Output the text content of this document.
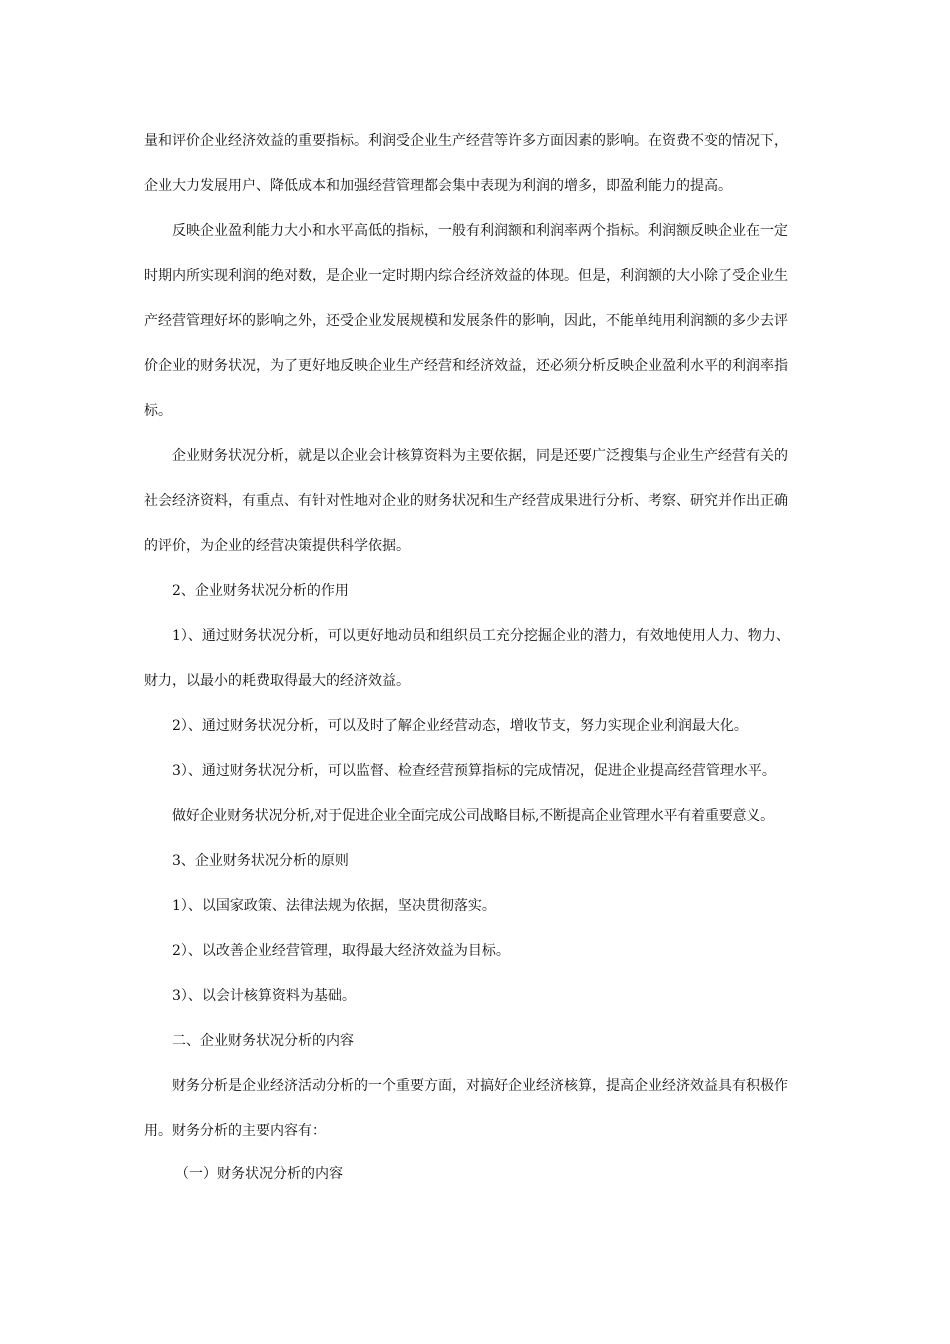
量和评价企业经济效益的重要指标。利润受企业生产经营等许多方面因素的影响。在资费不变的情况下，
企业大力发展用户、降低成本和加强经营管理都会集中表现为利润的增多，即盈利能力的提高。
反映企业盈利能力大小和水平高低的指标，一般有利润额和利润率两个指标。利润额反映企业在一定
时期内所实现利润的绝对数，是企业一定时期内综合经济效益的体现。但是，利润额的大小除了受企业生
产经营管理好坏的影响之外，还受企业发展规模和发展条件的影响，因此，不能单纯用利润额的多少去评
价企业的财务状况，为了更好地反映企业生产经营和经济效益，还必须分析反映企业盈利水平的利润率指
标。
企业财务状况分析，就是以企业会计核算资料为主要依据，同是还要广泛搜集与企业生产经营有关的
社会经济资料，有重点、有针对性地对企业的财务状况和生产经营成果进行分析、考察、研究并作出正确
的评价，为企业的经营决策提供科学依据。
2、企业财务状况分析的作用
1）、通过财务状况分析，可以更好地动员和组织员工充分挖掘企业的潜力，有效地使用人力、物力、
财力，以最小的耗费取得最大的经济效益。
2）、通过财务状况分析，可以及时了解企业经营动态，增收节支，努力实现企业利润最大化。
3）、通过财务状况分析，可以监督、检查经营预算指标的完成情况，促进企业提高经营管理水平。
做好企业财务状况分析,对于促进企业全面完成公司战略目标,不断提高企业管理水平有着重要意义。
3、企业财务状况分析的原则
1）、以国家政策、法律法规为依据，坚决贯彻落实。
2）、以改善企业经营管理，取得最大经济效益为目标。
3）、以会计核算资料为基础。
二、企业财务状况分析的内容
财务分析是企业经济活动分析的一个重要方面，对搞好企业经济核算，提高企业经济效益具有积极作
用。财务分析的主要内容有：
（一）财务状况分析的内容
